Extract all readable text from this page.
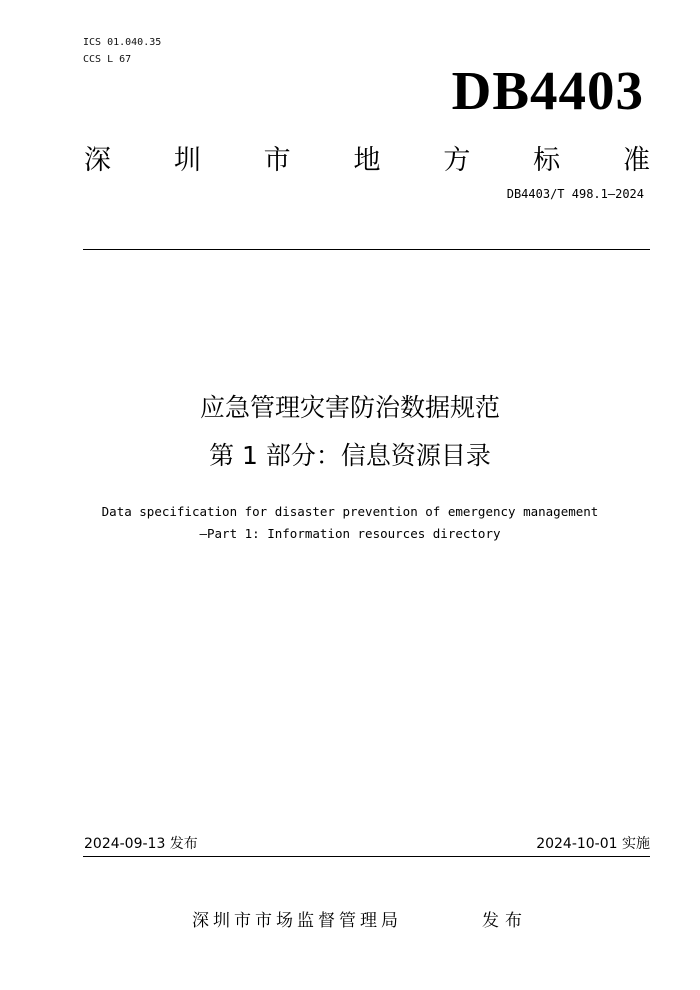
ICS 01.040.35
CCS L 67
DB4403
深 圳 市 地 方 标 准
DB4403/T 498.1—2024
应急管理灾害防治数据规范
第 1 部分：信息资源目录
Data specification for disaster prevention of emergency management
—Part 1: Information resources directory
2024-09-13 发布	2024-10-01 实施
深圳市市场监督管理局	发布
